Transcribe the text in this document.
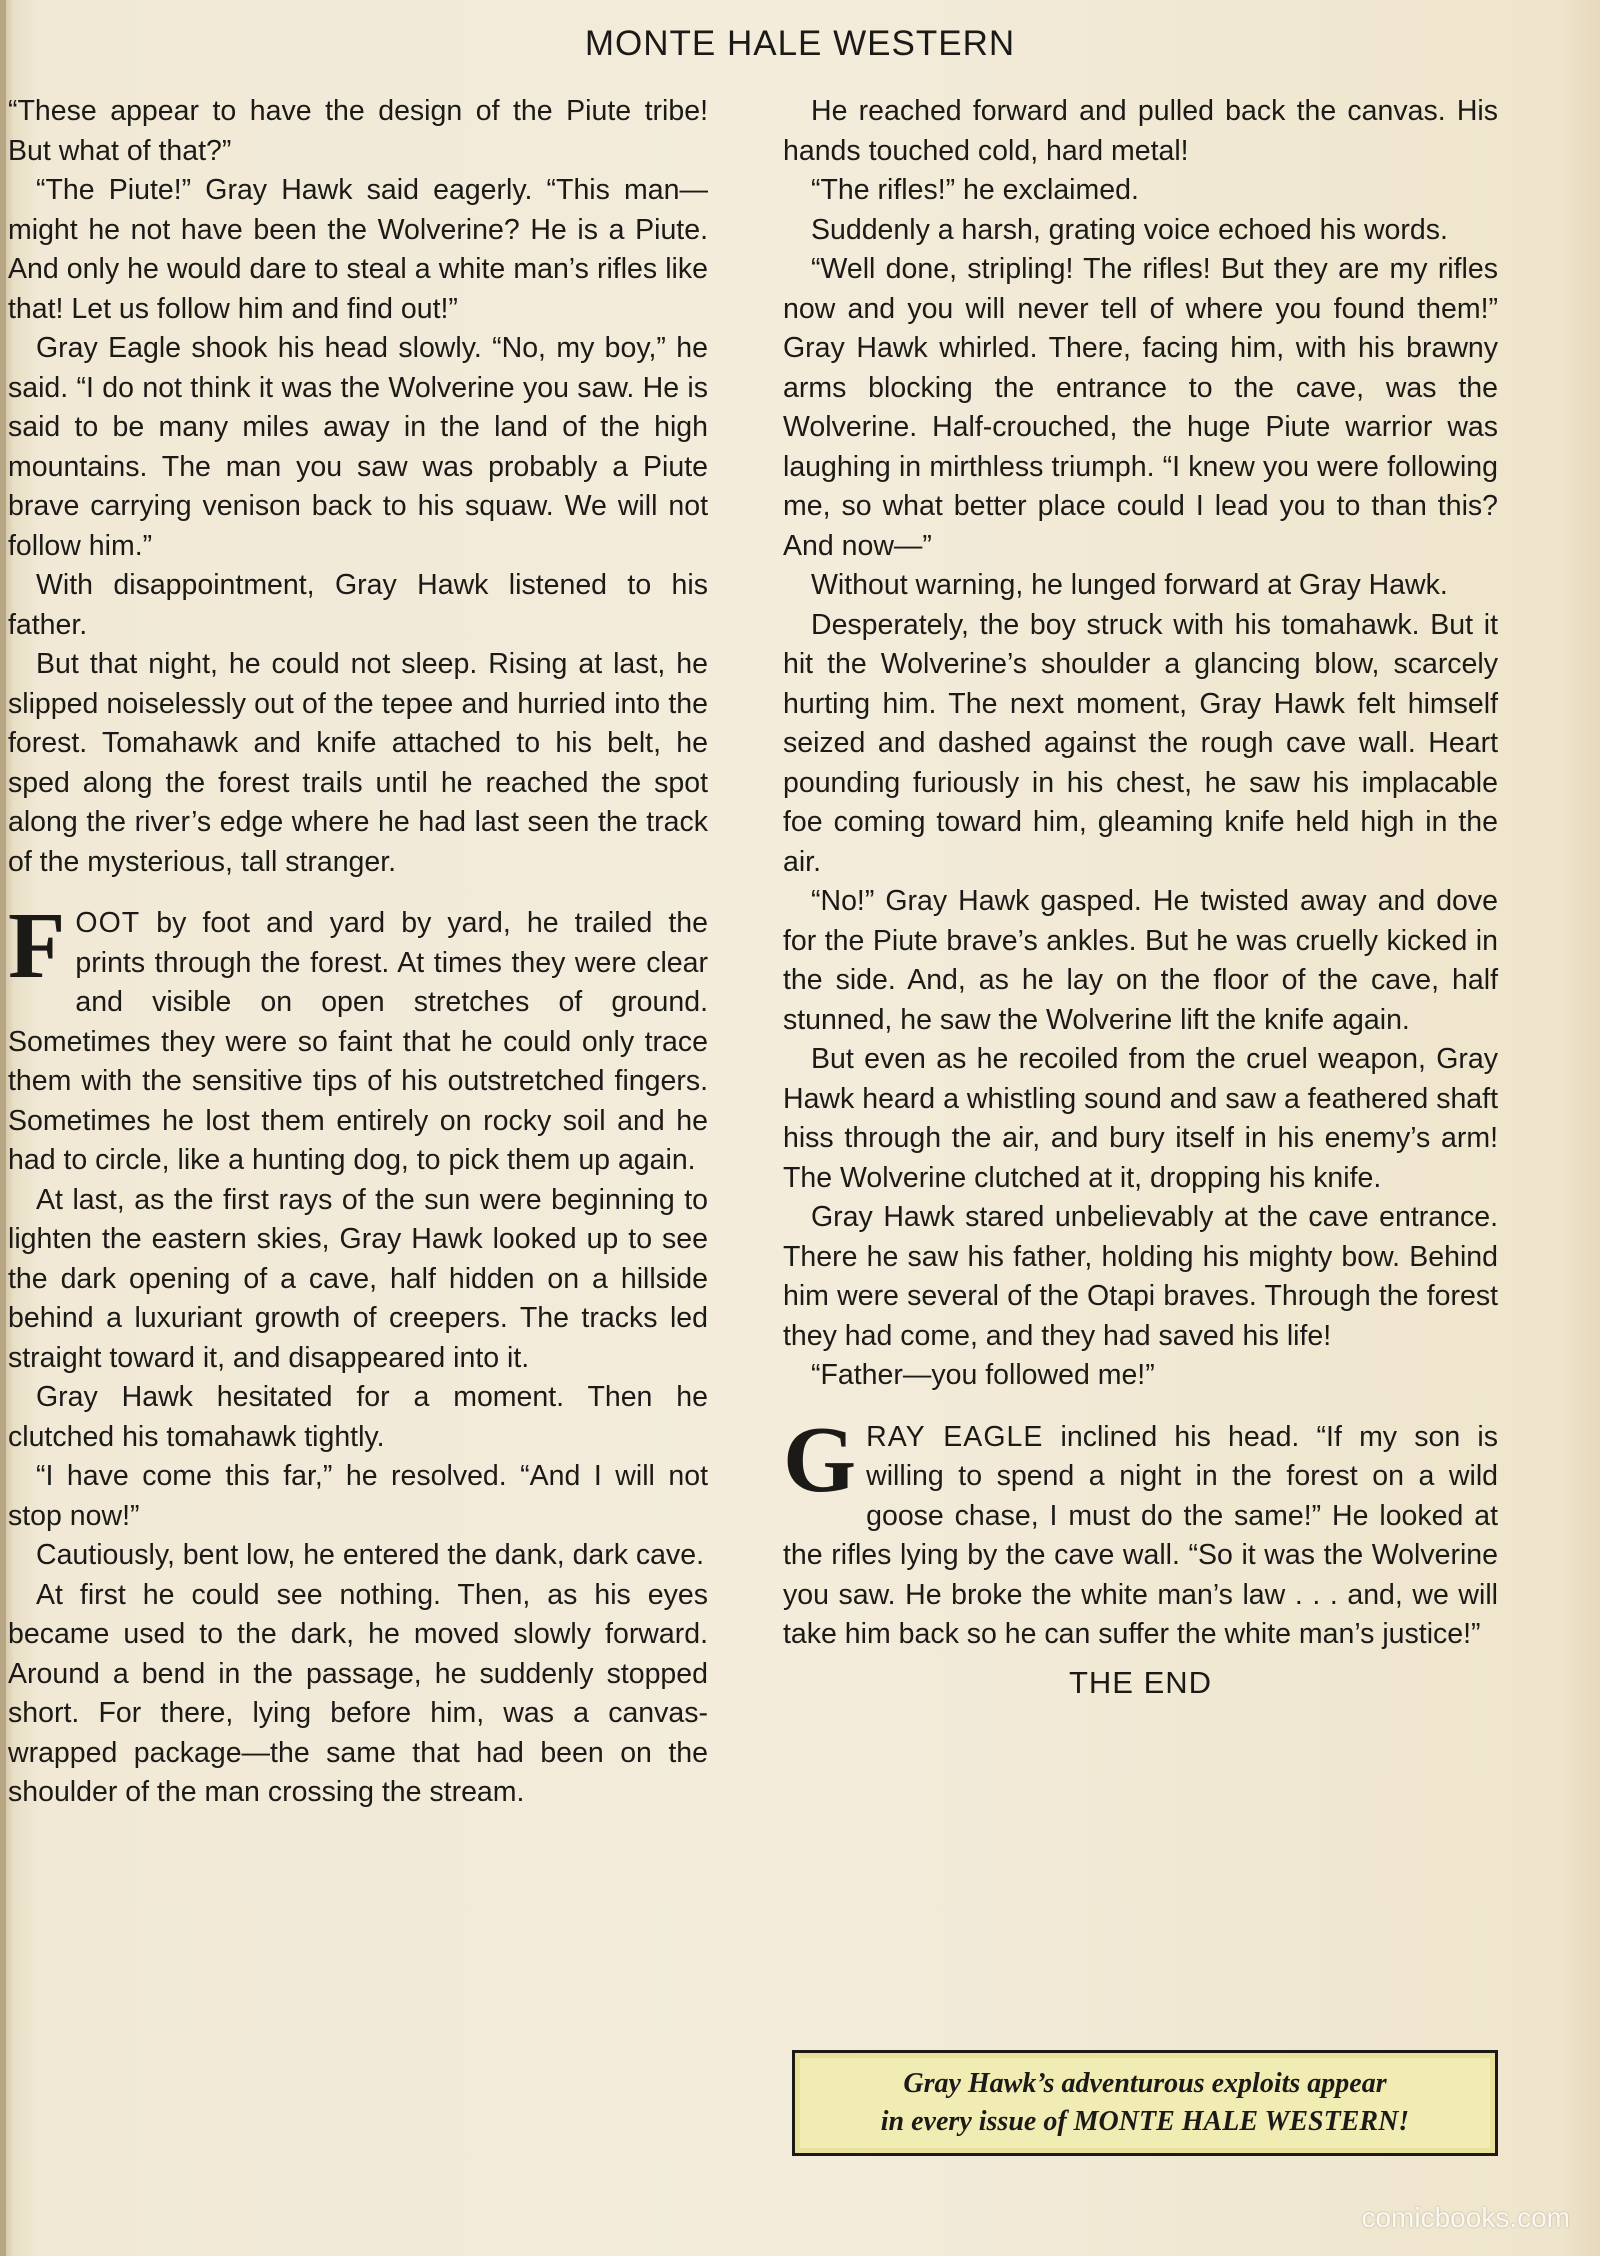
MONTE HALE WESTERN

“These appear to have the design of the Piute tribe! But what of that?”

“The Piute!” Gray Hawk said eagerly. “This man—might he not have been the Wolverine? He is a Piute. And only he would dare to steal a white man’s rifles like that! Let us follow him and find out!”

Gray Eagle shook his head slowly. “No, my boy,” he said. “I do not think it was the Wolverine you saw. He is said to be many miles away in the land of the high mountains. The man you saw was probably a Piute brave carrying venison back to his squaw. We will not follow him.”

With disappointment, Gray Hawk listened to his father.

But that night, he could not sleep. Rising at last, he slipped noiselessly out of the tepee and hurried into the forest. Tomahawk and knife attached to his belt, he sped along the forest trails until he reached the spot along the river’s edge where he had last seen the track of the mysterious, tall stranger.

FOOT by foot and yard by yard, he trailed the prints through the forest. At times they were clear and visible on open stretches of ground. Sometimes they were so faint that he could only trace them with the sensitive tips of his outstretched fingers. Sometimes he lost them entirely on rocky soil and he had to circle, like a hunting dog, to pick them up again.

At last, as the first rays of the sun were beginning to lighten the eastern skies, Gray Hawk looked up to see the dark opening of a cave, half hidden on a hillside behind a luxuriant growth of creepers. The tracks led straight toward it, and disappeared into it.

Gray Hawk hesitated for a moment. Then he clutched his tomahawk tightly.

“I have come this far,” he resolved. “And I will not stop now!”

Cautiously, bent low, he entered the dank, dark cave.

At first he could see nothing. Then, as his eyes became used to the dark, he moved slowly forward. Around a bend in the passage, he suddenly stopped short. For there, lying before him, was a canvas-wrapped package—the same that had been on the shoulder of the man crossing the stream.

He reached forward and pulled back the canvas. His hands touched cold, hard metal!

“The rifles!” he exclaimed.

Suddenly a harsh, grating voice echoed his words.

“Well done, stripling! The rifles! But they are my rifles now and you will never tell of where you found them!” Gray Hawk whirled. There, facing him, with his brawny arms blocking the entrance to the cave, was the Wolverine. Half-crouched, the huge Piute warrior was laughing in mirthless triumph. “I knew you were following me, so what better place could I lead you to than this? And now—”

Without warning, he lunged forward at Gray Hawk.

Desperately, the boy struck with his tomahawk. But it hit the Wolverine’s shoulder a glancing blow, scarcely hurting him. The next moment, Gray Hawk felt himself seized and dashed against the rough cave wall. Heart pounding furiously in his chest, he saw his implacable foe coming toward him, gleaming knife held high in the air.

“No!” Gray Hawk gasped. He twisted away and dove for the Piute brave’s ankles. But he was cruelly kicked in the side. And, as he lay on the floor of the cave, half stunned, he saw the Wolverine lift the knife again.

But even as he recoiled from the cruel weapon, Gray Hawk heard a whistling sound and saw a feathered shaft hiss through the air, and bury itself in his enemy’s arm! The Wolverine clutched at it, dropping his knife.

Gray Hawk stared unbelievably at the cave entrance. There he saw his father, holding his mighty bow. Behind him were several of the Otapi braves. Through the forest they had come, and they had saved his life!

“Father—you followed me!”

GRAY EAGLE inclined his head. “If my son is willing to spend a night in the forest on a wild goose chase, I must do the same!” He looked at the rifles lying by the cave wall. “So it was the Wolverine you saw. He broke the white man’s law . . . and, we will take him back so he can suffer the white man’s justice!”

THE END
Gray Hawk’s adventurous exploits appear
in every issue of MONTE HALE WESTERN!
comicbooks.com
